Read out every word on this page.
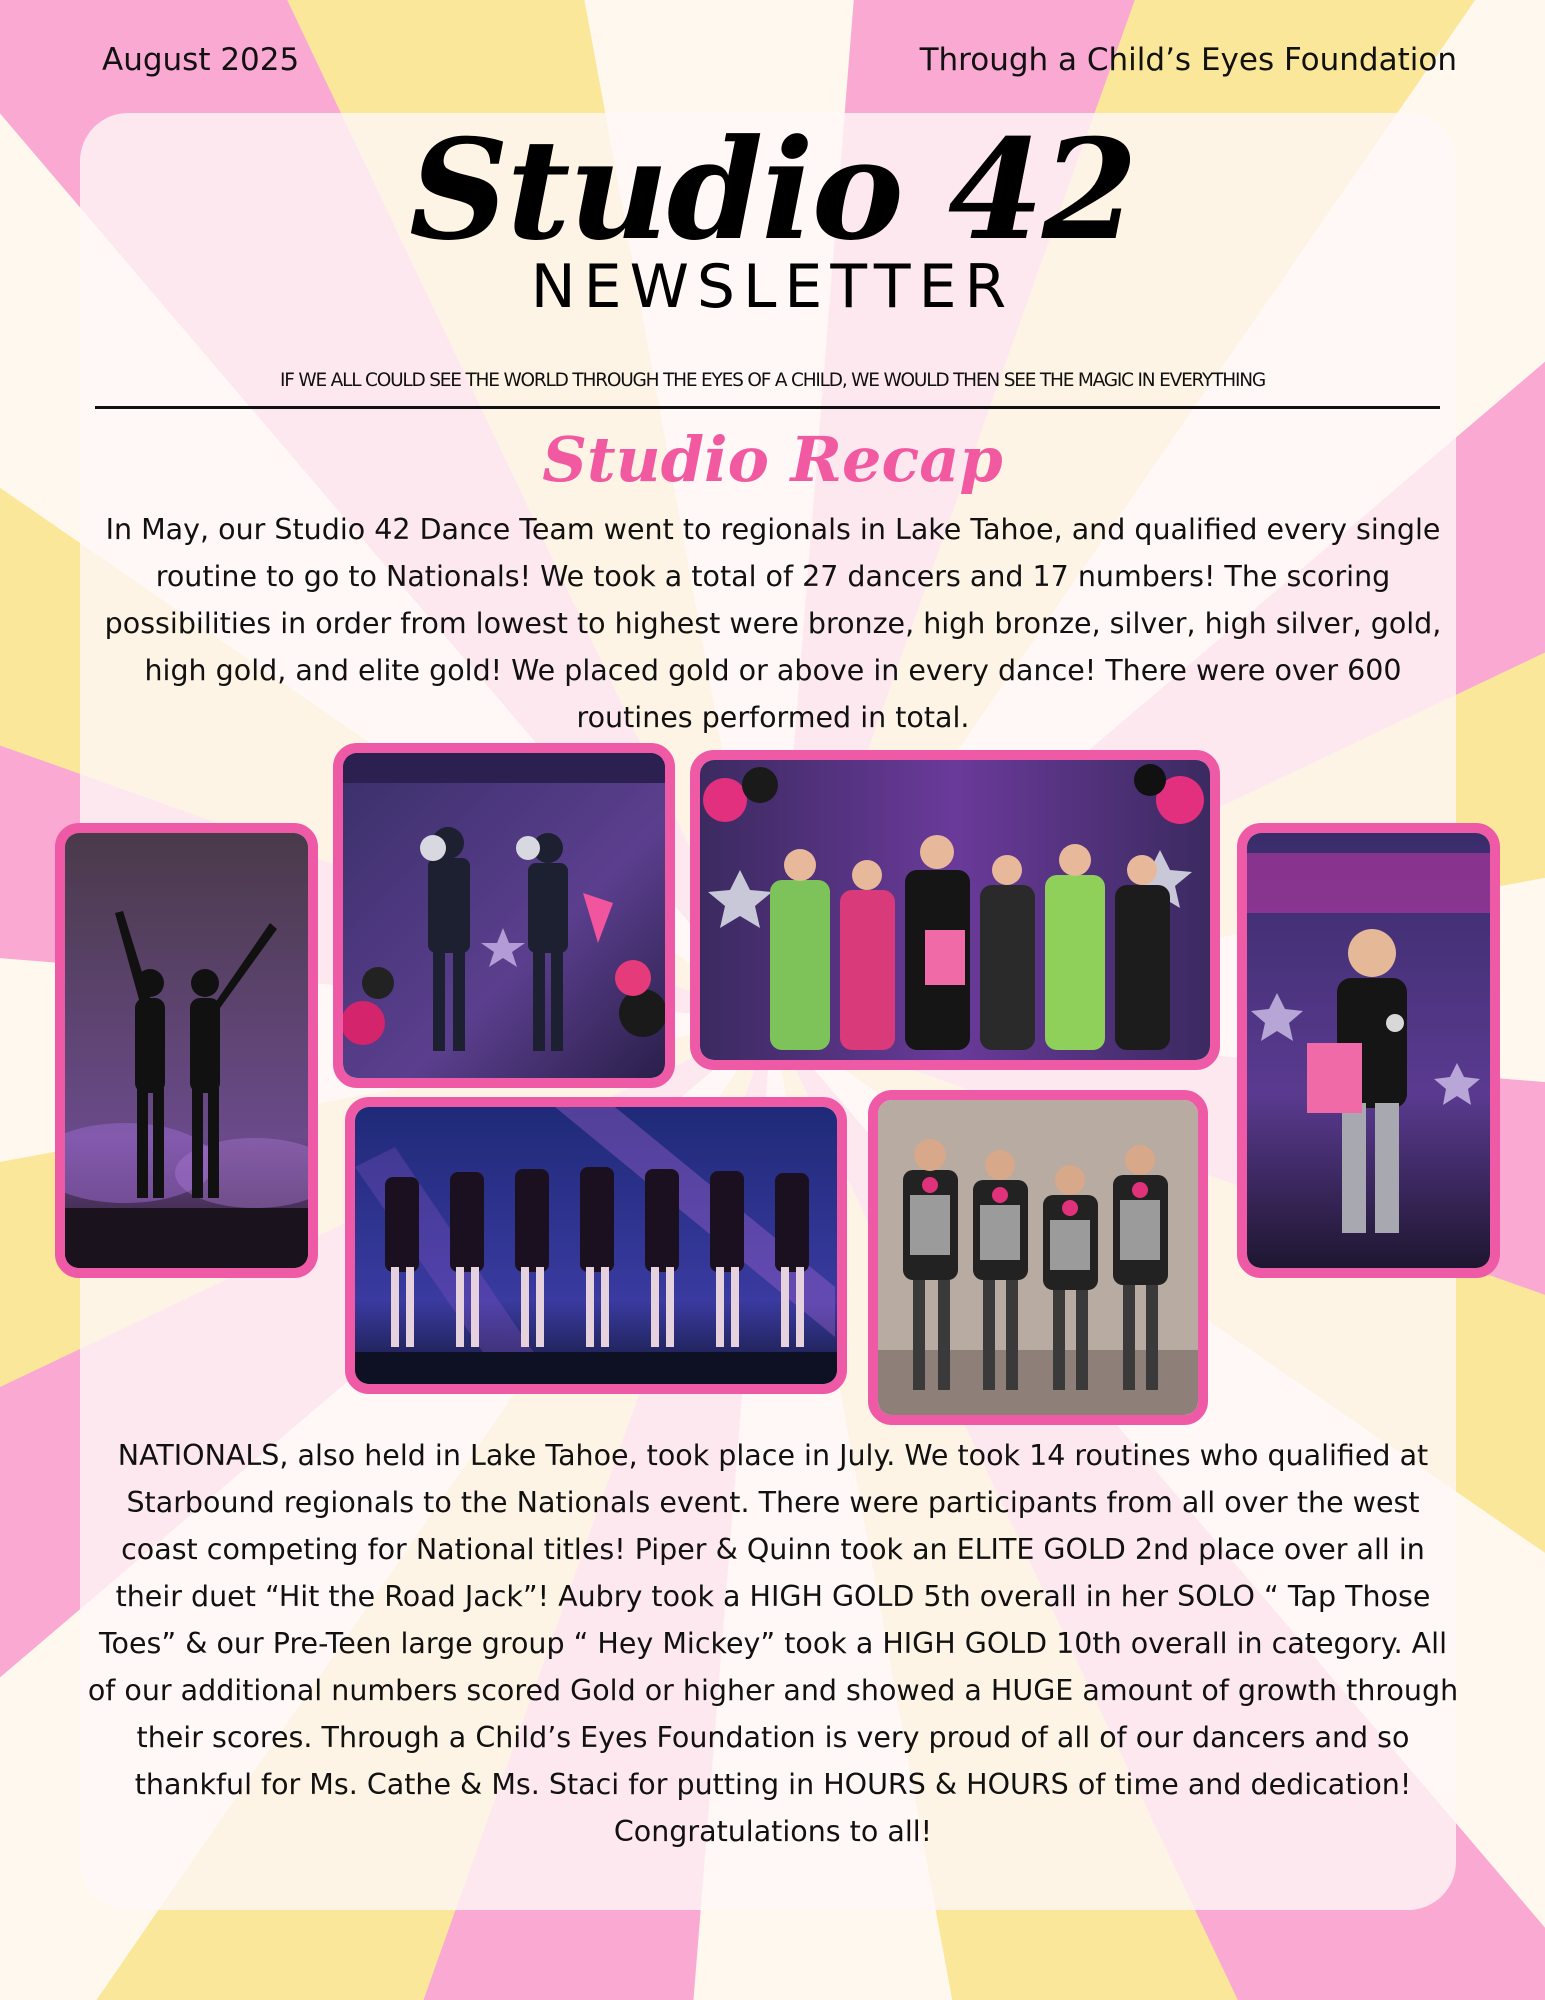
August 2025	Through a Child’s Eyes Foundation
Studio 42
NEWSLETTER
IF WE ALL COULD SEE THE WORLD THROUGH THE EYES OF A CHILD, WE WOULD THEN SEE THE MAGIC IN EVERYTHING
Studio Recap

In May, our Studio 42 Dance Team went to regionals in Lake Tahoe, and qualified every single routine to go to Nationals! We took a total of 27 dancers and 17 numbers! The scoring possibilities in order from lowest to highest were bronze, high bronze, silver, high silver, gold, high gold, and elite gold! We placed gold or above in every dance! There were over 600 routines performed in total.

NATIONALS, also held in Lake Tahoe, took place in July. We took 14 routines who qualified at Starbound regionals to the Nationals event. There were participants from all over the west coast competing for National titles! Piper & Quinn took an ELITE GOLD 2nd place over all in their duet “Hit the Road Jack”! Aubry took a HIGH GOLD 5th overall in her SOLO “ Tap Those Toes” & our Pre-Teen large group “ Hey Mickey” took a HIGH GOLD 10th overall in category. All of our additional numbers scored Gold or higher and showed a HUGE amount of growth through their scores. Through a Child’s Eyes Foundation is very proud of all of our dancers and so thankful for Ms. Cathe & Ms. Staci for putting in HOURS & HOURS of time and dedication! Congratulations to all!
